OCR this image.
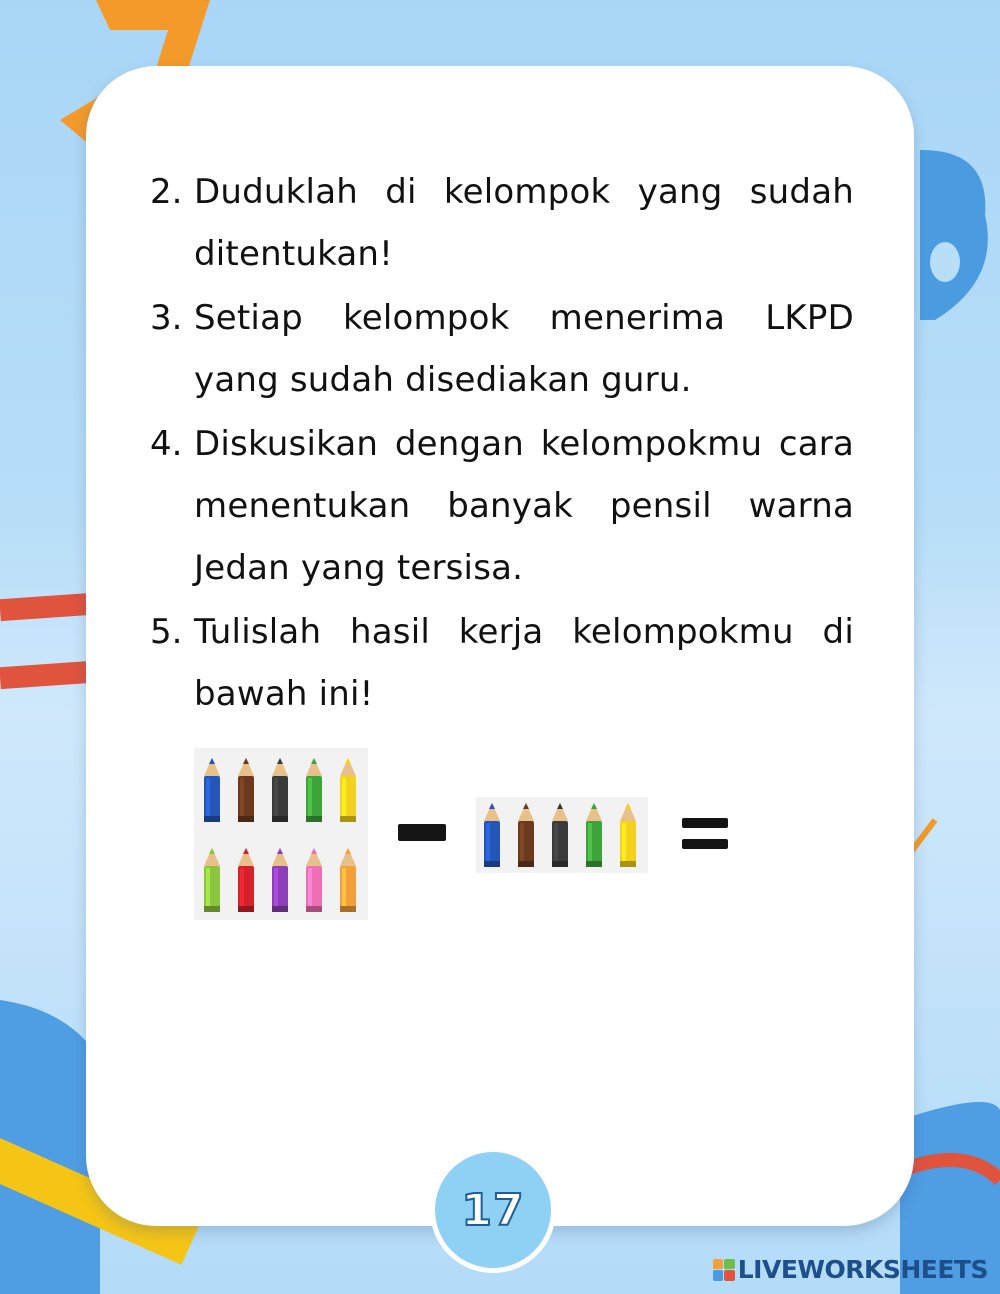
2. Duduklah di kelompok yang sudah ditentukan!
3. Setiap kelompok menerima LKPD yang sudah disediakan guru.
4. Diskusikan dengan kelompokmu cara menentukan banyak pensil warna Jedan yang tersisa.
5. Tulislah hasil kerja kelompokmu di bawah ini!
17
LIVEWORKSHEETS
